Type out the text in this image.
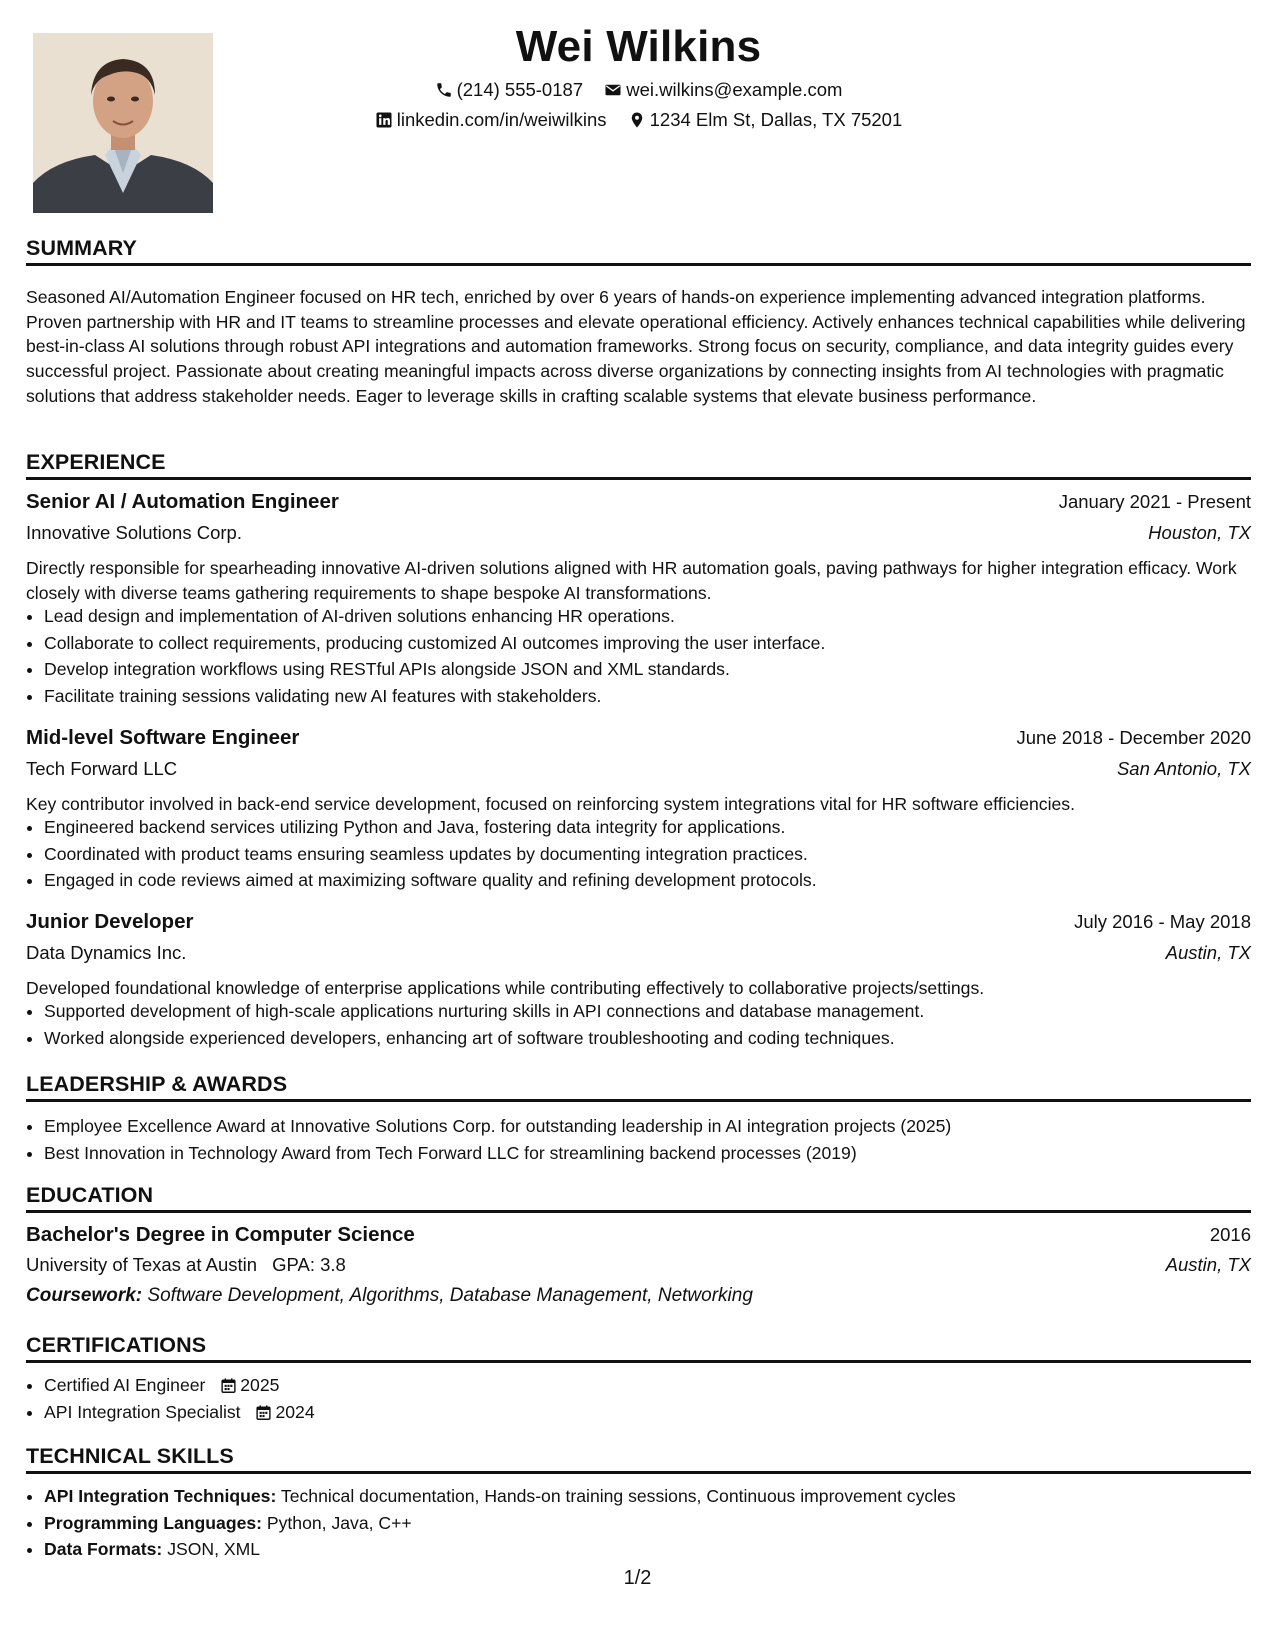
Wei Wilkins
(214) 555-0187
wei.wilkins@example.com
linkedin.com/in/weiwilkins
1234 Elm St, Dallas, TX 75201
SUMMARY
Seasoned AI/Automation Engineer focused on HR tech, enriched by over 6 years of hands-on experience implementing advanced integration platforms. Proven partnership with HR and IT teams to streamline processes and elevate operational efficiency. Actively enhances technical capabilities while delivering best-in-class AI solutions through robust API integrations and automation frameworks. Strong focus on security, compliance, and data integrity guides every successful project. Passionate about creating meaningful impacts across diverse organizations by connecting insights from AI technologies with pragmatic solutions that address stakeholder needs. Eager to leverage skills in crafting scalable systems that elevate business performance.
EXPERIENCE
Senior AI / Automation Engineer	January 2021 - Present
Innovative Solutions Corp.	Houston, TX
Directly responsible for spearheading innovative AI-driven solutions aligned with HR automation goals, paving pathways for higher integration efficacy. Work closely with diverse teams gathering requirements to shape bespoke AI transformations.
• Lead design and implementation of AI-driven solutions enhancing HR operations.
• Collaborate to collect requirements, producing customized AI outcomes improving the user interface.
• Develop integration workflows using RESTful APIs alongside JSON and XML standards.
• Facilitate training sessions validating new AI features with stakeholders.
Mid-level Software Engineer	June 2018 - December 2020
Tech Forward LLC	San Antonio, TX
Key contributor involved in back-end service development, focused on reinforcing system integrations vital for HR software efficiencies.
• Engineered backend services utilizing Python and Java, fostering data integrity for applications.
• Coordinated with product teams ensuring seamless updates by documenting integration practices.
• Engaged in code reviews aimed at maximizing software quality and refining development protocols.
Junior Developer	July 2016 - May 2018
Data Dynamics Inc.	Austin, TX
Developed foundational knowledge of enterprise applications while contributing effectively to collaborative projects/settings.
• Supported development of high-scale applications nurturing skills in API connections and database management.
• Worked alongside experienced developers, enhancing art of software troubleshooting and coding techniques.
LEADERSHIP & AWARDS
• Employee Excellence Award at Innovative Solutions Corp. for outstanding leadership in AI integration projects (2025)
• Best Innovation in Technology Award from Tech Forward LLC for streamlining backend processes (2019)
EDUCATION
Bachelor's Degree in Computer Science	2016
University of Texas at Austin GPA: 3.8	Austin, TX
Coursework: Software Development, Algorithms, Database Management, Networking
CERTIFICATIONS
• Certified AI Engineer 2025
• API Integration Specialist 2024
TECHNICAL SKILLS
• API Integration Techniques: Technical documentation, Hands-on training sessions, Continuous improvement cycles
• Programming Languages: Python, Java, C++
• Data Formats: JSON, XML
1/2
